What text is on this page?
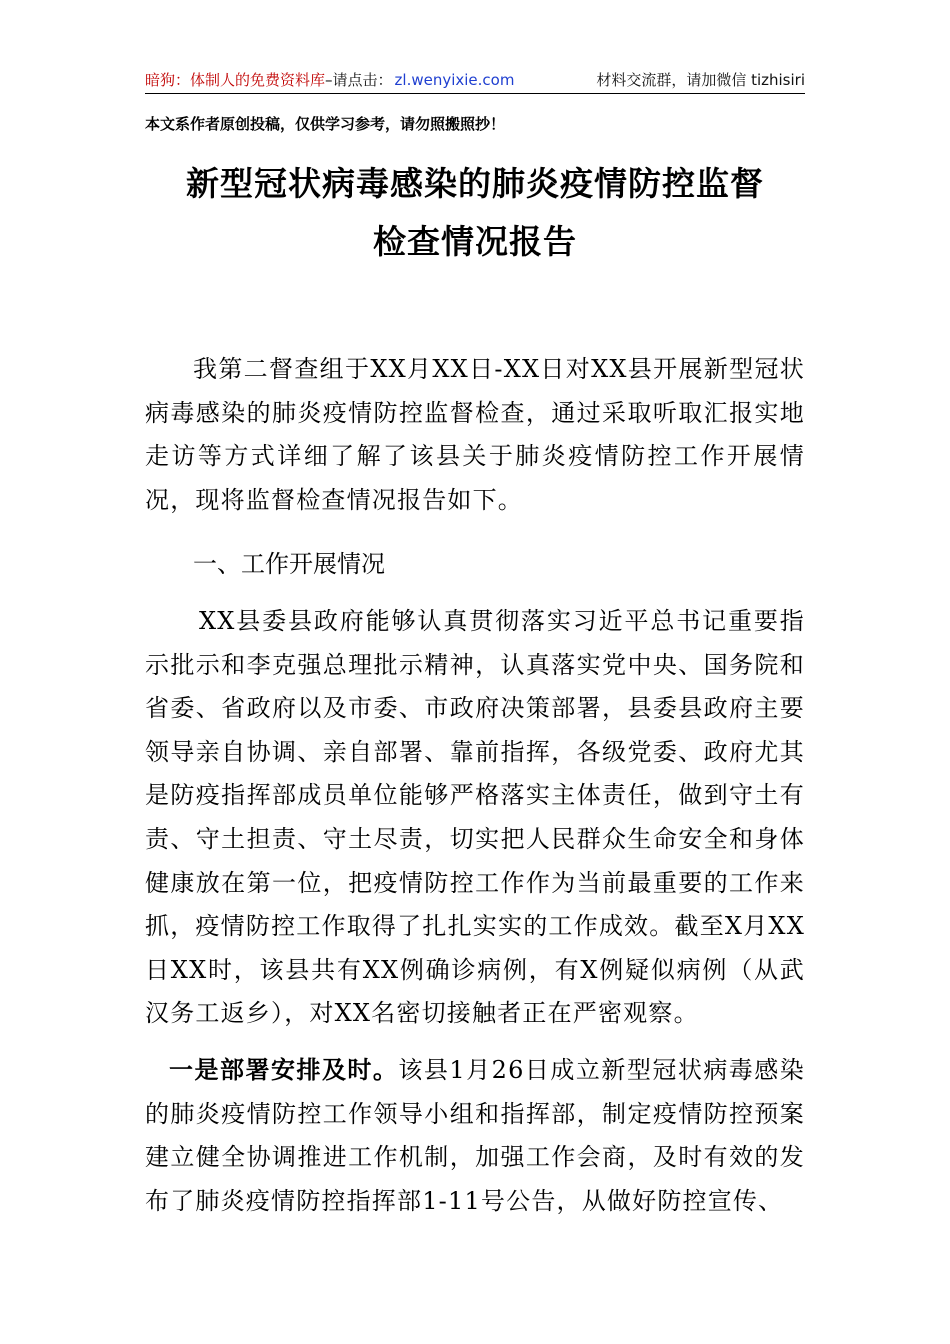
暗狗：体制人的免费资料库–请点击： zl.wenyixie.com	材料交流群，请加微信 tizhisiri
本文系作者原创投稿，仅供学习参考，请勿照搬照抄！
新型冠状病毒感染的肺炎疫情防控监督
检查情况报告
我第二督查组于XX月XX日-XX日对XX县开展新型冠状病毒感染的肺炎疫情防控监督检查，通过采取听取汇报实地走访等方式详细了解了该县关于肺炎疫情防控工作开展情况，现将监督检查情况报告如下。
一、工作开展情况
XX县委县政府能够认真贯彻落实习近平总书记重要指示批示和李克强总理批示精神，认真落实党中央、国务院和省委、省政府以及市委、市政府决策部署，县委县政府主要领导亲自协调、亲自部署、靠前指挥，各级党委、政府尤其是防疫指挥部成员单位能够严格落实主体责任，做到守土有责、守土担责、守土尽责，切实把人民群众生命安全和身体健康放在第一位，把疫情防控工作作为当前最重要的工作来抓，疫情防控工作取得了扎扎实实的工作成效。截至X月XX日XX时，该县共有XX例确诊病例，有X例疑似病例（从武汉务工返乡），对XX名密切接触者正在严密观察。
一是部署安排及时。该县1月26日成立新型冠状病毒感染的肺炎疫情防控工作领导小组和指挥部，制定疫情防控预案建立健全协调推进工作机制，加强工作会商，及时有效的发布了肺炎疫情防控指挥部1-11号公告，从做好防控宣传、
